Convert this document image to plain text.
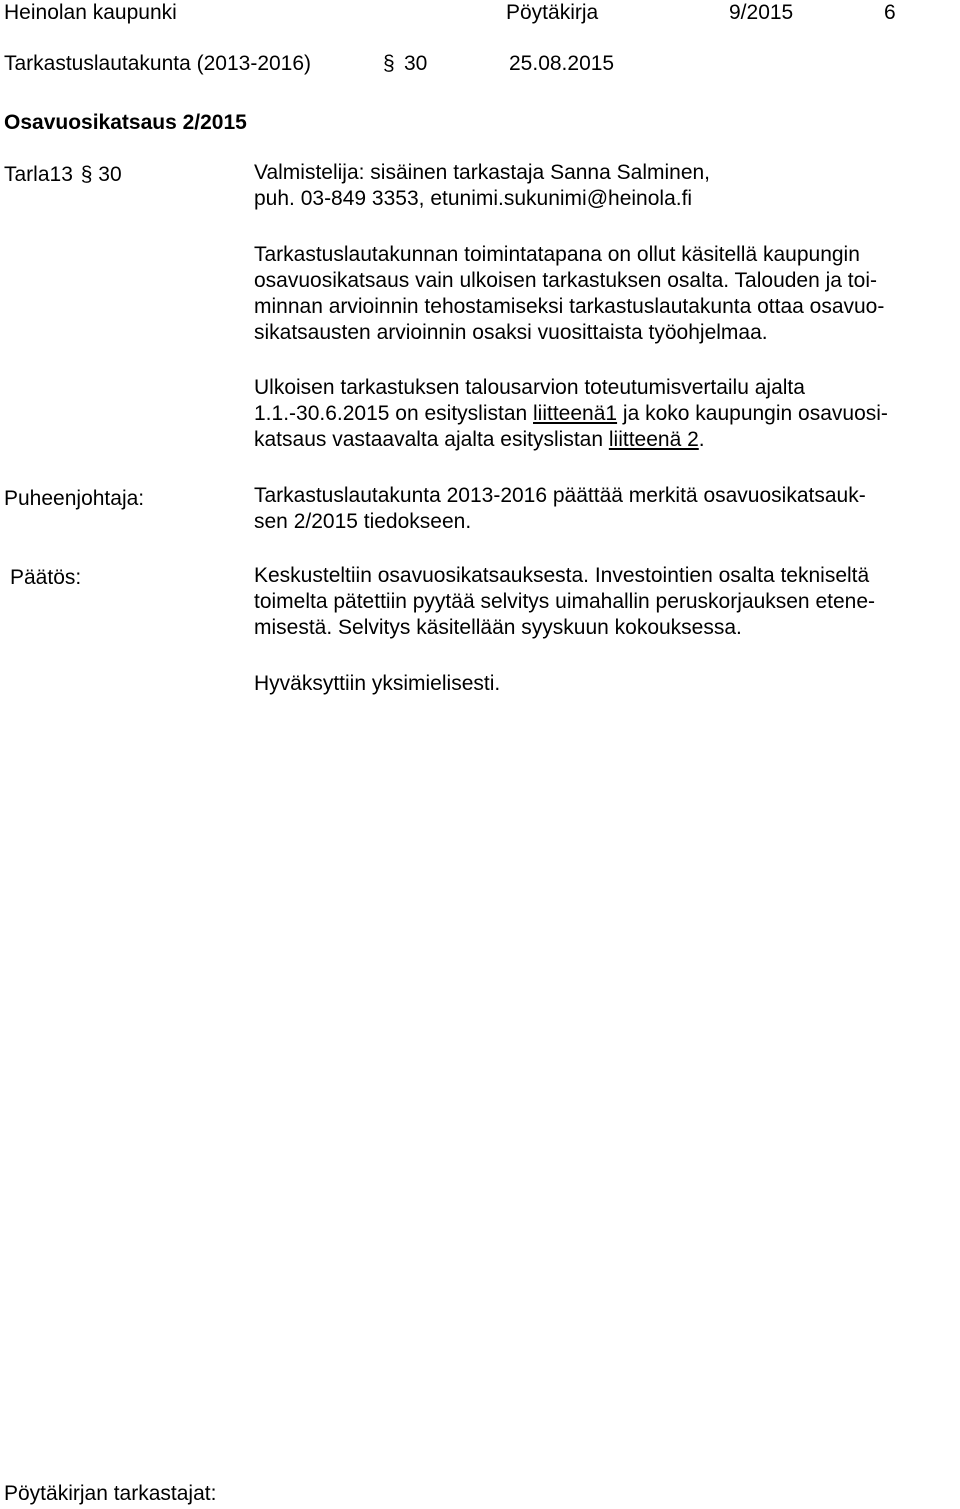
Heinolan kaupunki	Pöytäkirja	9/2015	6
Tarkastuslautakunta (2013-2016)	§ 30	25.08.2015
Osavuosikatsaus 2/2015
Tarla13 § 30	Valmistelija: sisäinen tarkastaja Sanna Salminen,
puh. 03-849 3353, etunimi.sukunimi@heinola.fi
Tarkastuslautakunnan toimintatapana on ollut käsitellä kaupungin
osavuosikatsaus vain ulkoisen tarkastuksen osalta. Talouden ja toi-
minnan arvioinnin tehostamiseksi tarkastuslautakunta ottaa osavuo-
sikatsausten arvioinnin osaksi vuosittaista työohjelmaa.
Ulkoisen tarkastuksen talousarvion toteutumisvertailu ajalta
1.1.-30.6.2015 on esityslistan liitteenä1 ja koko kaupungin osavuosi-
katsaus vastaavalta ajalta esityslistan liitteenä 2.
Puheenjohtaja:	Tarkastuslautakunta 2013-2016 päättää merkitä osavuosikatsauk-
sen 2/2015 tiedokseen.
Päätös:	Keskusteltiin osavuosikatsauksesta. Investointien osalta tekniseltä
toimelta pätettiin pyytää selvitys uimahallin peruskorjauksen etene-
misestä. Selvitys käsitellään syyskuun kokouksessa.
Hyväksyttiin yksimielisesti.
Pöytäkirjan tarkastajat:
